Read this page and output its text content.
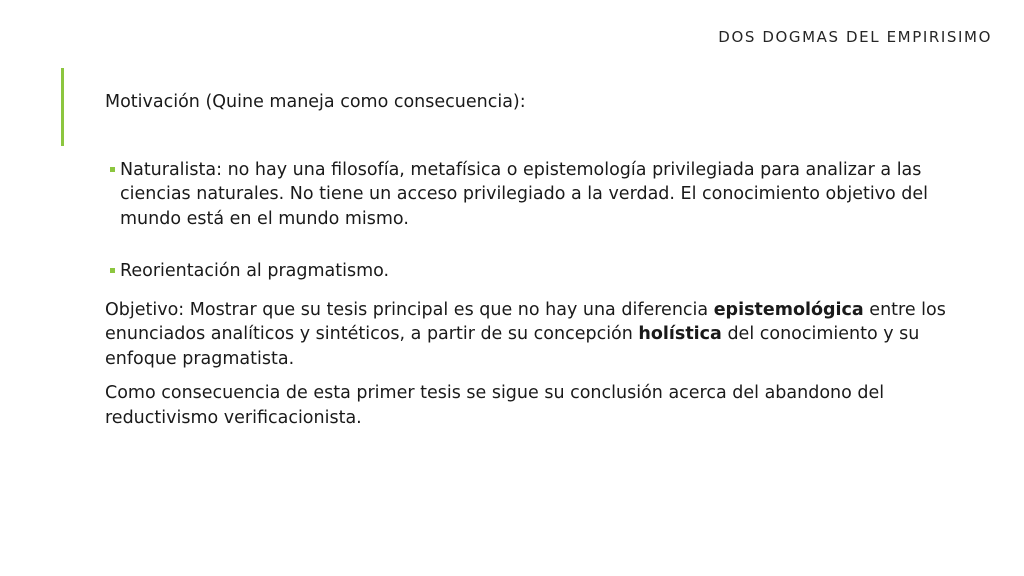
DOS DOGMAS DEL EMPIRISIMO

Motivación (Quine maneja como consecuencia):

Naturalista: no hay una filosofía, metafísica o epistemología privilegiada para analizar a las ciencias naturales. No tiene un acceso privilegiado a la verdad. El conocimiento objetivo del mundo está en el mundo mismo.
Reorientación al pragmatismo.

Objetivo: Mostrar que su tesis principal es que no hay una diferencia epistemológica entre los enunciados analíticos y sintéticos, a partir de su concepción holística del conocimiento y su enfoque pragmatista.

Como consecuencia de esta primer tesis se sigue su conclusión acerca del abandono del reductivismo verificacionista.
